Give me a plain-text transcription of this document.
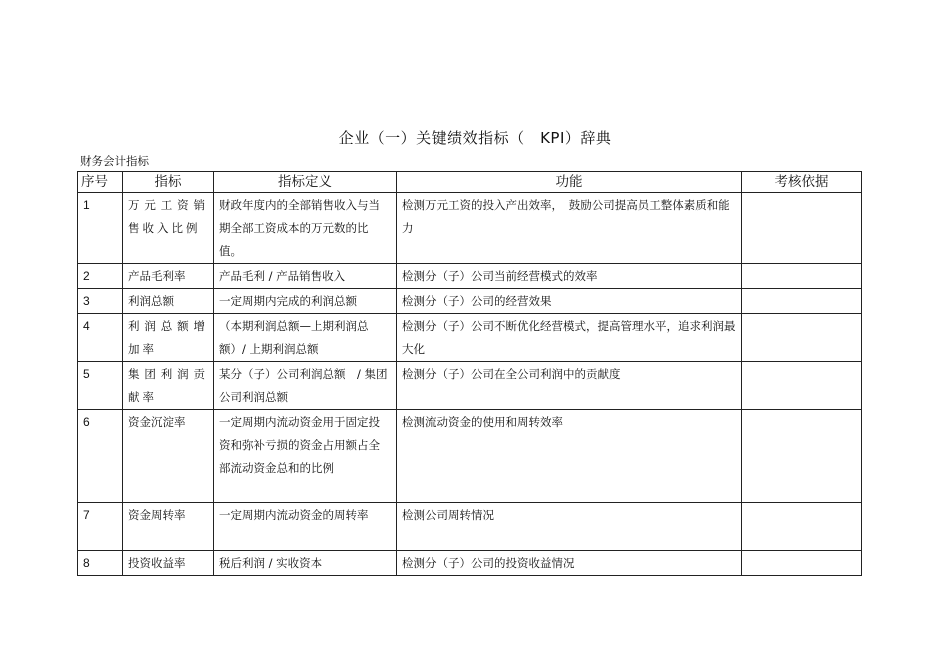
企业（一）关键绩效指标（　KPI）辞典
财务会计指标
序号	指标	指标定义	功能	考核依据
1	万元工资销售收入比例	财政年度内的全部销售收入与当期全部工资成本的万元数的比值。	检测万元工资的投入产出效率，　鼓励公司提高员工整体素质和能力	
2	产品毛利率	产品毛利 / 产品销售收入	检测分（子）公司当前经营模式的效率	
3	利润总额	一定周期内完成的利润总额	检测分（子）公司的经营效果	
4	利润总额增加率	（本期利润总额—上期利润总额）/ 上期利润总额	检测分（子）公司不断优化经营模式，提高管理水平，追求利润最大化	
5	集团利润贡献率	某分（子）公司利润总额　/ 集团公司利润总额	检测分（子）公司在全公司利润中的贡献度	
6	资金沉淀率	一定周期内流动资金用于固定投资和弥补亏损的资金占用额占全部流动资金总和的比例	检测流动资金的使用和周转效率	
7	资金周转率	一定周期内流动资金的周转率	检测公司周转情况	
8	投资收益率	税后利润 / 实收资本	检测分（子）公司的投资收益情况	
